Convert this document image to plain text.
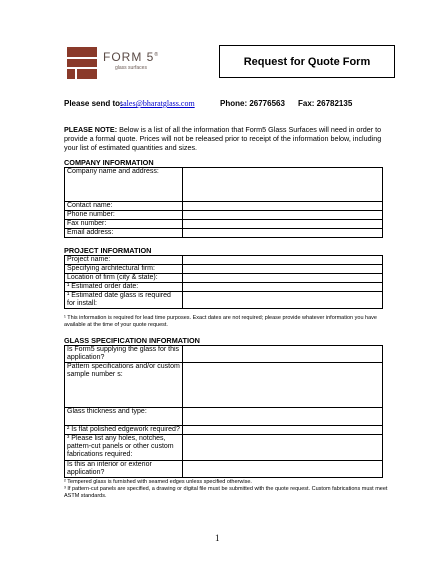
FORM 5®
glass surfaces
Request for Quote Form
Please send to:
sales@bharatglass.com	Phone: 26776563 Fax: 26782135
PLEASE NOTE: Below is a list of all the information that Form5 Glass Surfaces will need in order to provide a formal quote. Prices will not be released prior to receipt of the information below, including your list of estimated quantities and sizes.
COMPANY INFORMATION
Company name and address:	
Contact name:	
Phone number:	
Fax number:	
Email address:	
PROJECT INFORMATION
Project name:	
Specifying architectural firm:	
Location of firm (city & state):	
¹ Estimated order date:	
¹ Estimated date glass is required for install:	
¹ This information is required for lead time purposes. Exact dates are not required; please provide whatever information you have available at the time of your quote request.
GLASS SPECIFICATION INFORMATION
Is Form5 supplying the glass for this application?	
Pattern specifications and/or custom sample number s:	
Glass thickness and type:	
² Is flat polished edgework required?	
³ Please list any holes, notches, pattern-cut panels or other custom fabrications required:	
Is this an interior or exterior application?	
² Tempered glass is furnished with seamed edges unless specified otherwise.
³ If pattern-cut panels are specified, a drawing or digital file must be submitted with the quote request. Custom fabrications must meet ASTM standards.
1
